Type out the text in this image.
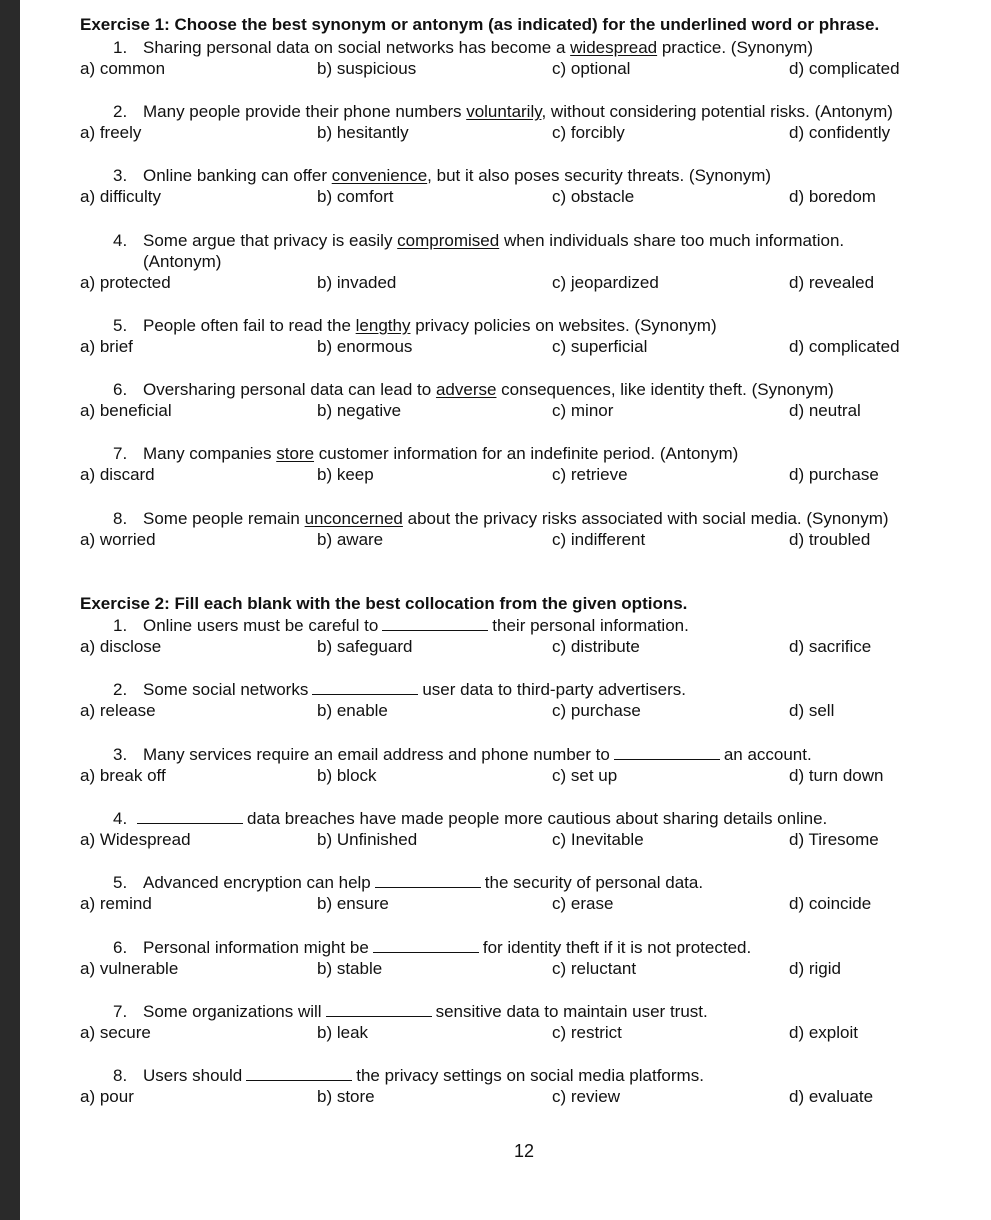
Exercise 1: Choose the best synonym or antonym (as indicated) for the underlined word or phrase.
1. Sharing personal data on social networks has become a widespread practice. (Synonym)
a) common	b) suspicious	c) optional	d) complicated
2. Many people provide their phone numbers voluntarily, without considering potential risks. (Antonym)
a) freely	b) hesitantly	c) forcibly	d) confidently
3. Online banking can offer convenience, but it also poses security threats. (Synonym)
a) difficulty	b) comfort	c) obstacle	d) boredom
4. Some argue that privacy is easily compromised when individuals share too much information. (Antonym)
a) protected	b) invaded	c) jeopardized	d) revealed
5. People often fail to read the lengthy privacy policies on websites. (Synonym)
a) brief	b) enormous	c) superficial	d) complicated
6. Oversharing personal data can lead to adverse consequences, like identity theft. (Synonym)
a) beneficial	b) negative	c) minor	d) neutral
7. Many companies store customer information for an indefinite period. (Antonym)
a) discard	b) keep	c) retrieve	d) purchase
8. Some people remain unconcerned about the privacy risks associated with social media. (Synonym)
a) worried	b) aware	c) indifferent	d) troubled
Exercise 2: Fill each blank with the best collocation from the given options.
1. Online users must be careful to	their personal information.
a) disclose	b) safeguard	c) distribute	d) sacrifice
2. Some social networks	user data to third-party advertisers.
a) release	b) enable	c) purchase	d) sell
3. Many services require an email address and phone number to	an account.
a) break off	b) block	c) set up	d) turn down
4.	data breaches have made people more cautious about sharing details online.
a) Widespread	b) Unfinished	c) Inevitable	d) Tiresome
5. Advanced encryption can help	the security of personal data.
a) remind	b) ensure	c) erase	d) coincide
6. Personal information might be	for identity theft if it is not protected.
a) vulnerable	b) stable	c) reluctant	d) rigid
7. Some organizations will	sensitive data to maintain user trust.
a) secure	b) leak	c) restrict	d) exploit
8. Users should	the privacy settings on social media platforms.
a) pour	b) store	c) review	d) evaluate
12
